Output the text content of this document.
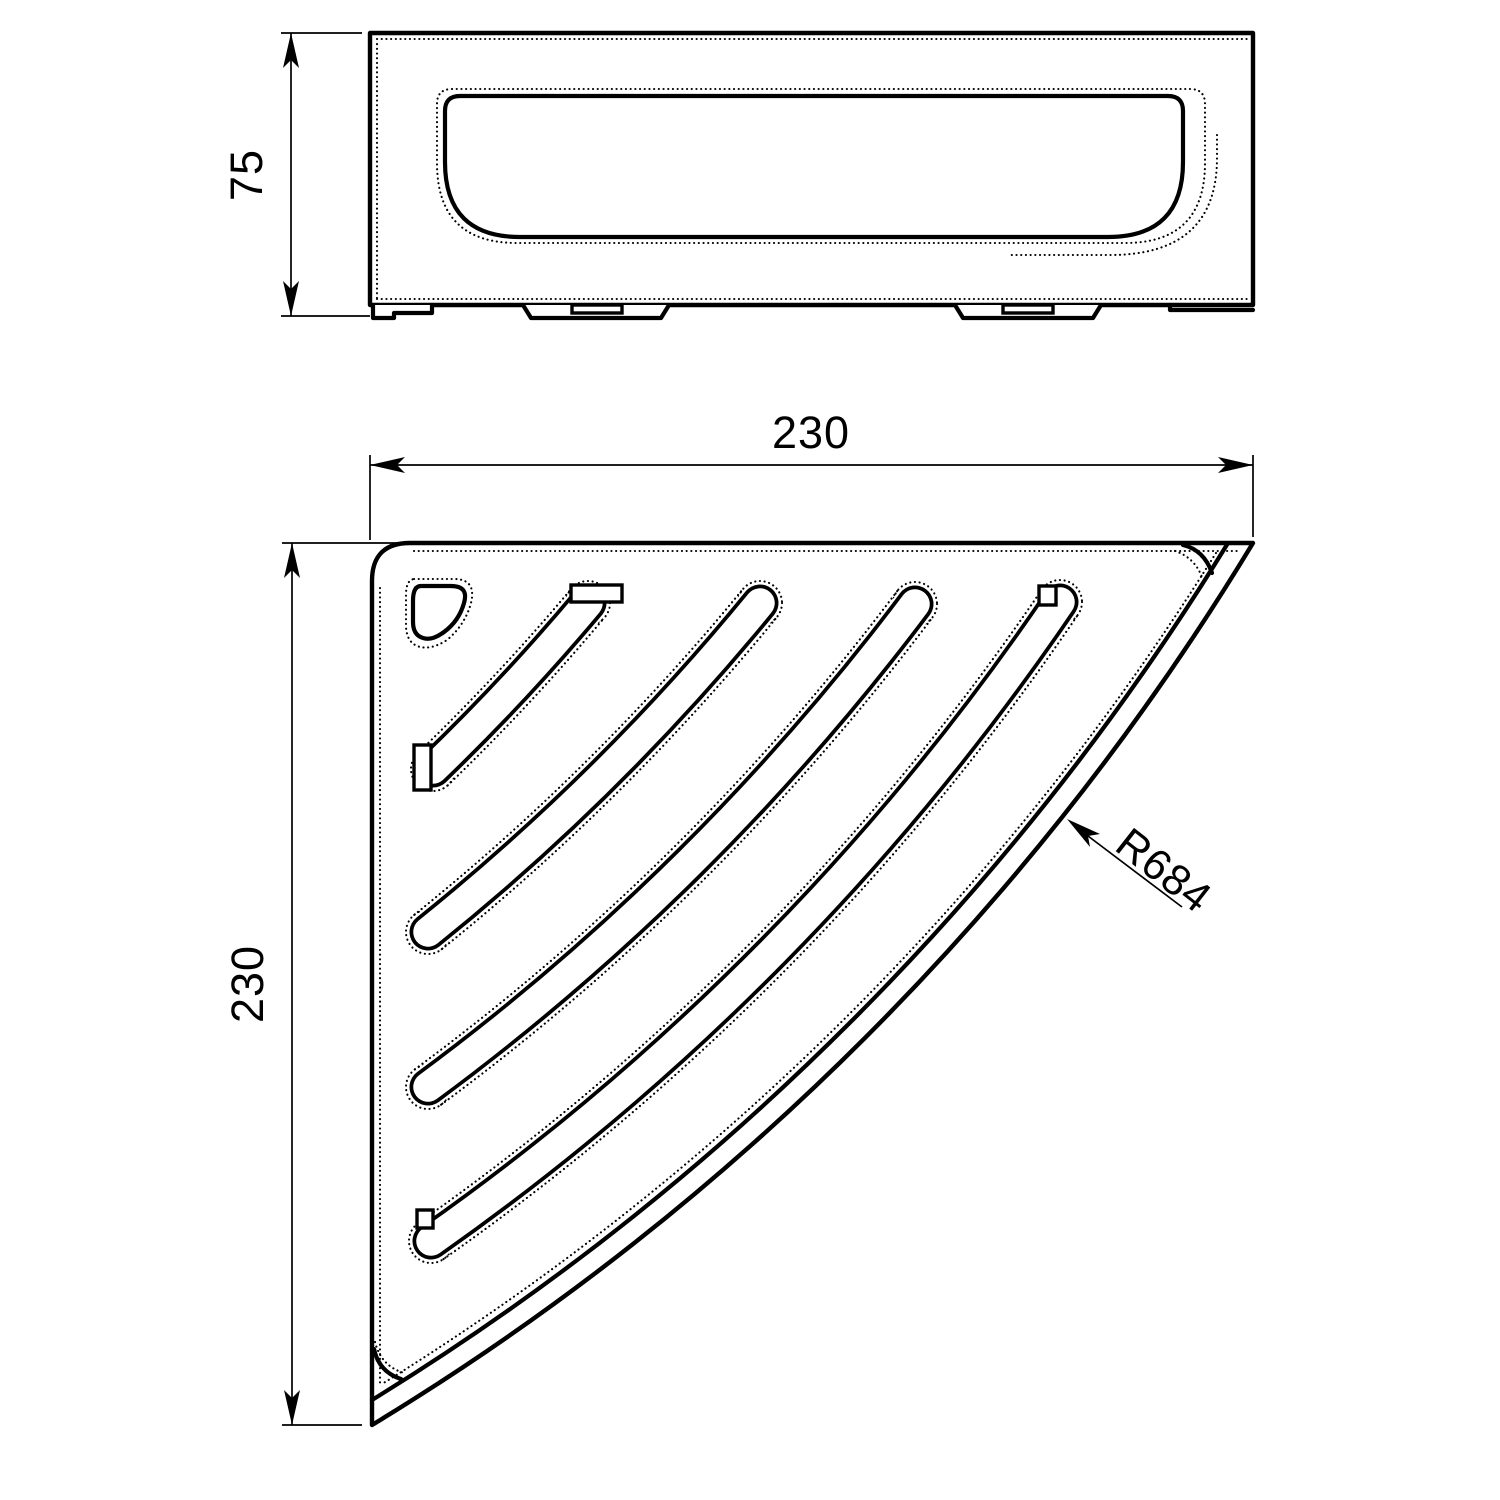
75
230
230
R684
